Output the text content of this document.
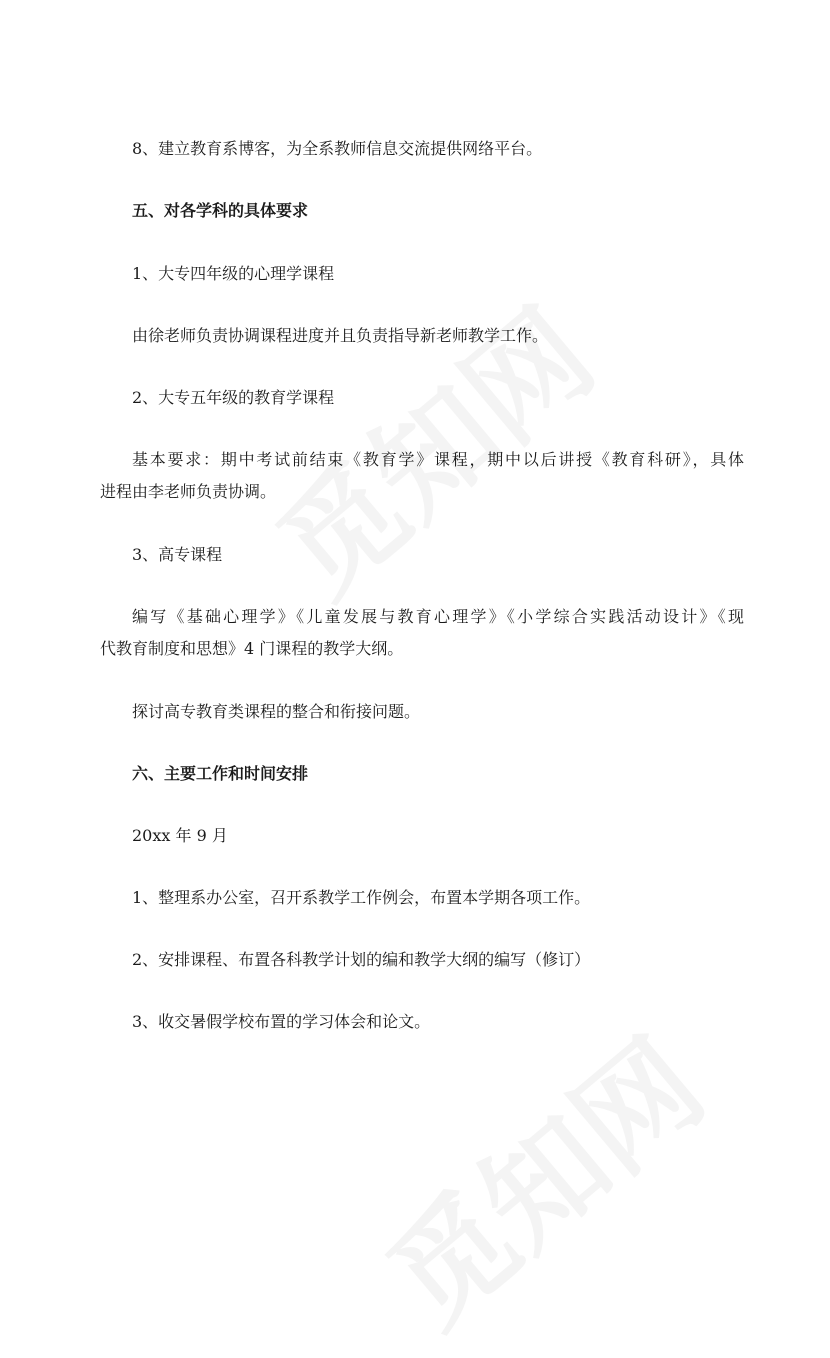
8、建立教育系博客，为全系教师信息交流提供网络平台。
五、对各学科的具体要求
1、大专四年级的心理学课程
由徐老师负责协调课程进度并且负责指导新老师教学工作。
2、大专五年级的教育学课程
基本要求：期中考试前结束《教育学》课程，期中以后讲授《教育科研》，具体
进程由李老师负责协调。
3、高专课程
编写《基础心理学》《儿童发展与教育心理学》《小学综合实践活动设计》《现
代教育制度和思想》4 门课程的教学大纲。
探讨高专教育类课程的整合和衔接问题。
六、主要工作和时间安排
20xx 年 9 月
1、整理系办公室，召开系教学工作例会，布置本学期各项工作。
2、安排课程、布置各科教学计划的编和教学大纲的编写（修订）
3、收交暑假学校布置的学习体会和论文。
